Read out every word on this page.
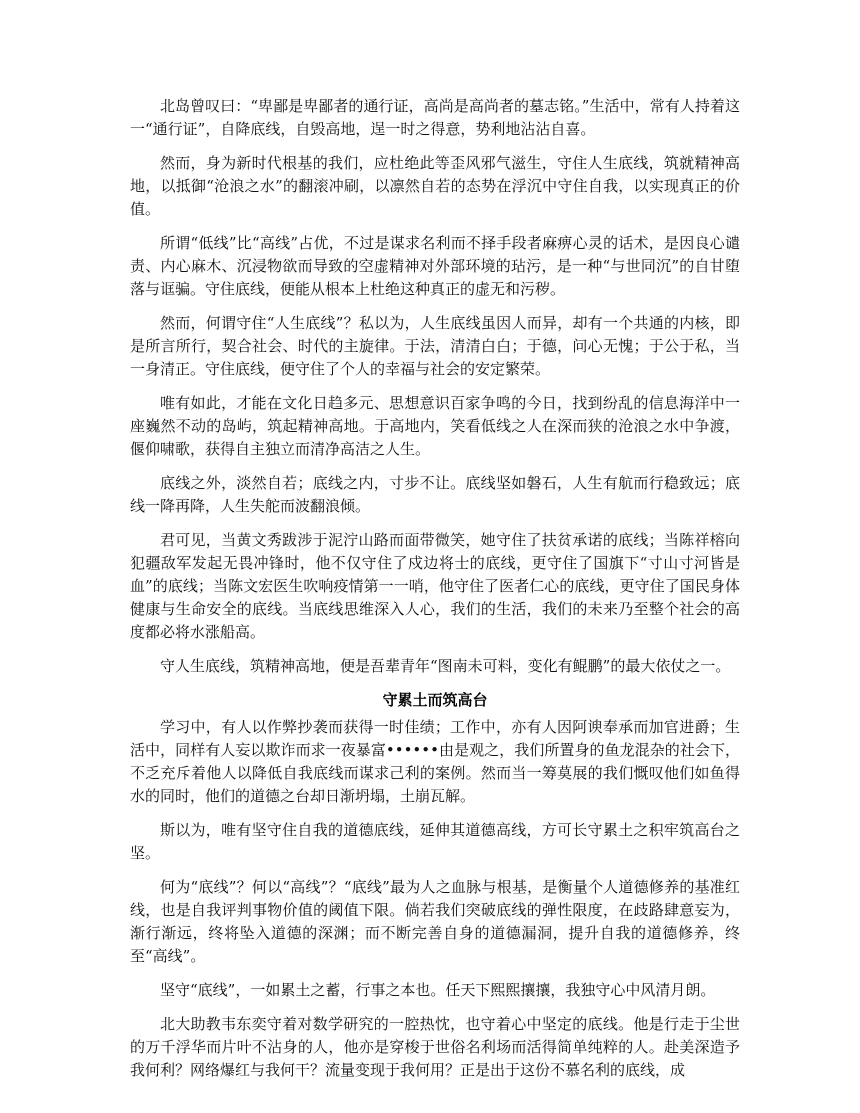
北岛曾叹曰：“卑鄙是卑鄙者的通行证，高尚是高尚者的墓志铭。”生活中，常有人持着这一“通行证”，自降底线，自毁高地，逞一时之得意，势利地沾沾自喜。

然而，身为新时代根基的我们，应杜绝此等歪风邪气滋生，守住人生底线，筑就精神高地，以抵御“沧浪之水”的翻滚冲刷，以凛然自若的态势在浮沉中守住自我，以实现真正的价值。

所谓“低线”比“高线”占优，不过是谋求名利而不择手段者麻痹心灵的话术，是因良心谴责、内心麻木、沉浸物欲而导致的空虚精神对外部环境的玷污，是一种“与世同沉”的自甘堕落与诓骗。守住底线，便能从根本上杜绝这种真正的虚无和污秽。

然而，何谓守住“人生底线”？私以为，人生底线虽因人而异，却有一个共通的内核，即是所言所行，契合社会、时代的主旋律。于法，清清白白；于德，问心无愧；于公于私，当一身清正。守住底线，便守住了个人的幸福与社会的安定繁荣。

唯有如此，才能在文化日趋多元、思想意识百家争鸣的今日，找到纷乱的信息海洋中一座巍然不动的岛屿，筑起精神高地。于高地内，笑看低线之人在深而狭的沧浪之水中争渡，偃仰啸歌，获得自主独立而清净高洁之人生。

底线之外，淡然自若；底线之内，寸步不让。底线坚如磐石，人生有航而行稳致远；底线一降再降，人生失舵而波翻浪倾。

君可见，当黄文秀跋涉于泥泞山路而面带微笑，她守住了扶贫承诺的底线；当陈祥榕向犯疆敌军发起无畏冲锋时，他不仅守住了戍边将士的底线，更守住了国旗下“寸山寸河皆是血”的底线；当陈文宏医生吹响疫情第一一哨，他守住了医者仁心的底线，更守住了国民身体健康与生命安全的底线。当底线思维深入人心，我们的生活，我们的未来乃至整个社会的高度都必将水涨船高。

守人生底线，筑精神高地，便是吾辈青年“图南未可料，变化有鲲鹏”的最大依仗之一。

守累土而筑高台

学习中，有人以作弊抄袭而获得一时佳绩；工作中，亦有人因阿谀奉承而加官进爵；生活中，同样有人妄以欺诈而求一夜暴富••••••由是观之，我们所置身的鱼龙混杂的社会下，不乏充斥着他人以降低自我底线而谋求己利的案例。然而当一筹莫展的我们慨叹他们如鱼得水的同时，他们的道德之台却日渐坍塌，土崩瓦解。

斯以为，唯有坚守住自我的道德底线，延伸其道德高线，方可长守累土之积牢筑高台之坚。

何为“底线”？何以“高线”？“底线”最为人之血脉与根基，是衡量个人道德修养的基准红线，也是自我评判事物价值的阈值下限。倘若我们突破底线的弹性限度，在歧路肆意妄为，渐行渐远，终将坠入道德的深渊；而不断完善自身的道德漏洞，提升自我的道德修养，终至“高线”。

坚守“底线”，一如累土之蓄，行事之本也。任天下熙熙攘攘，我独守心中风清月朗。

北大助教韦东奕守着对数学研究的一腔热忱，也守着心中坚定的底线。他是行走于尘世的万千浮华而片叶不沾身的人，他亦是穿梭于世俗名利场而活得简单纯粹的人。赴美深造予我何利？网络爆红与我何干？流量变现于我何用？正是出于这份不慕名利的底线，成
